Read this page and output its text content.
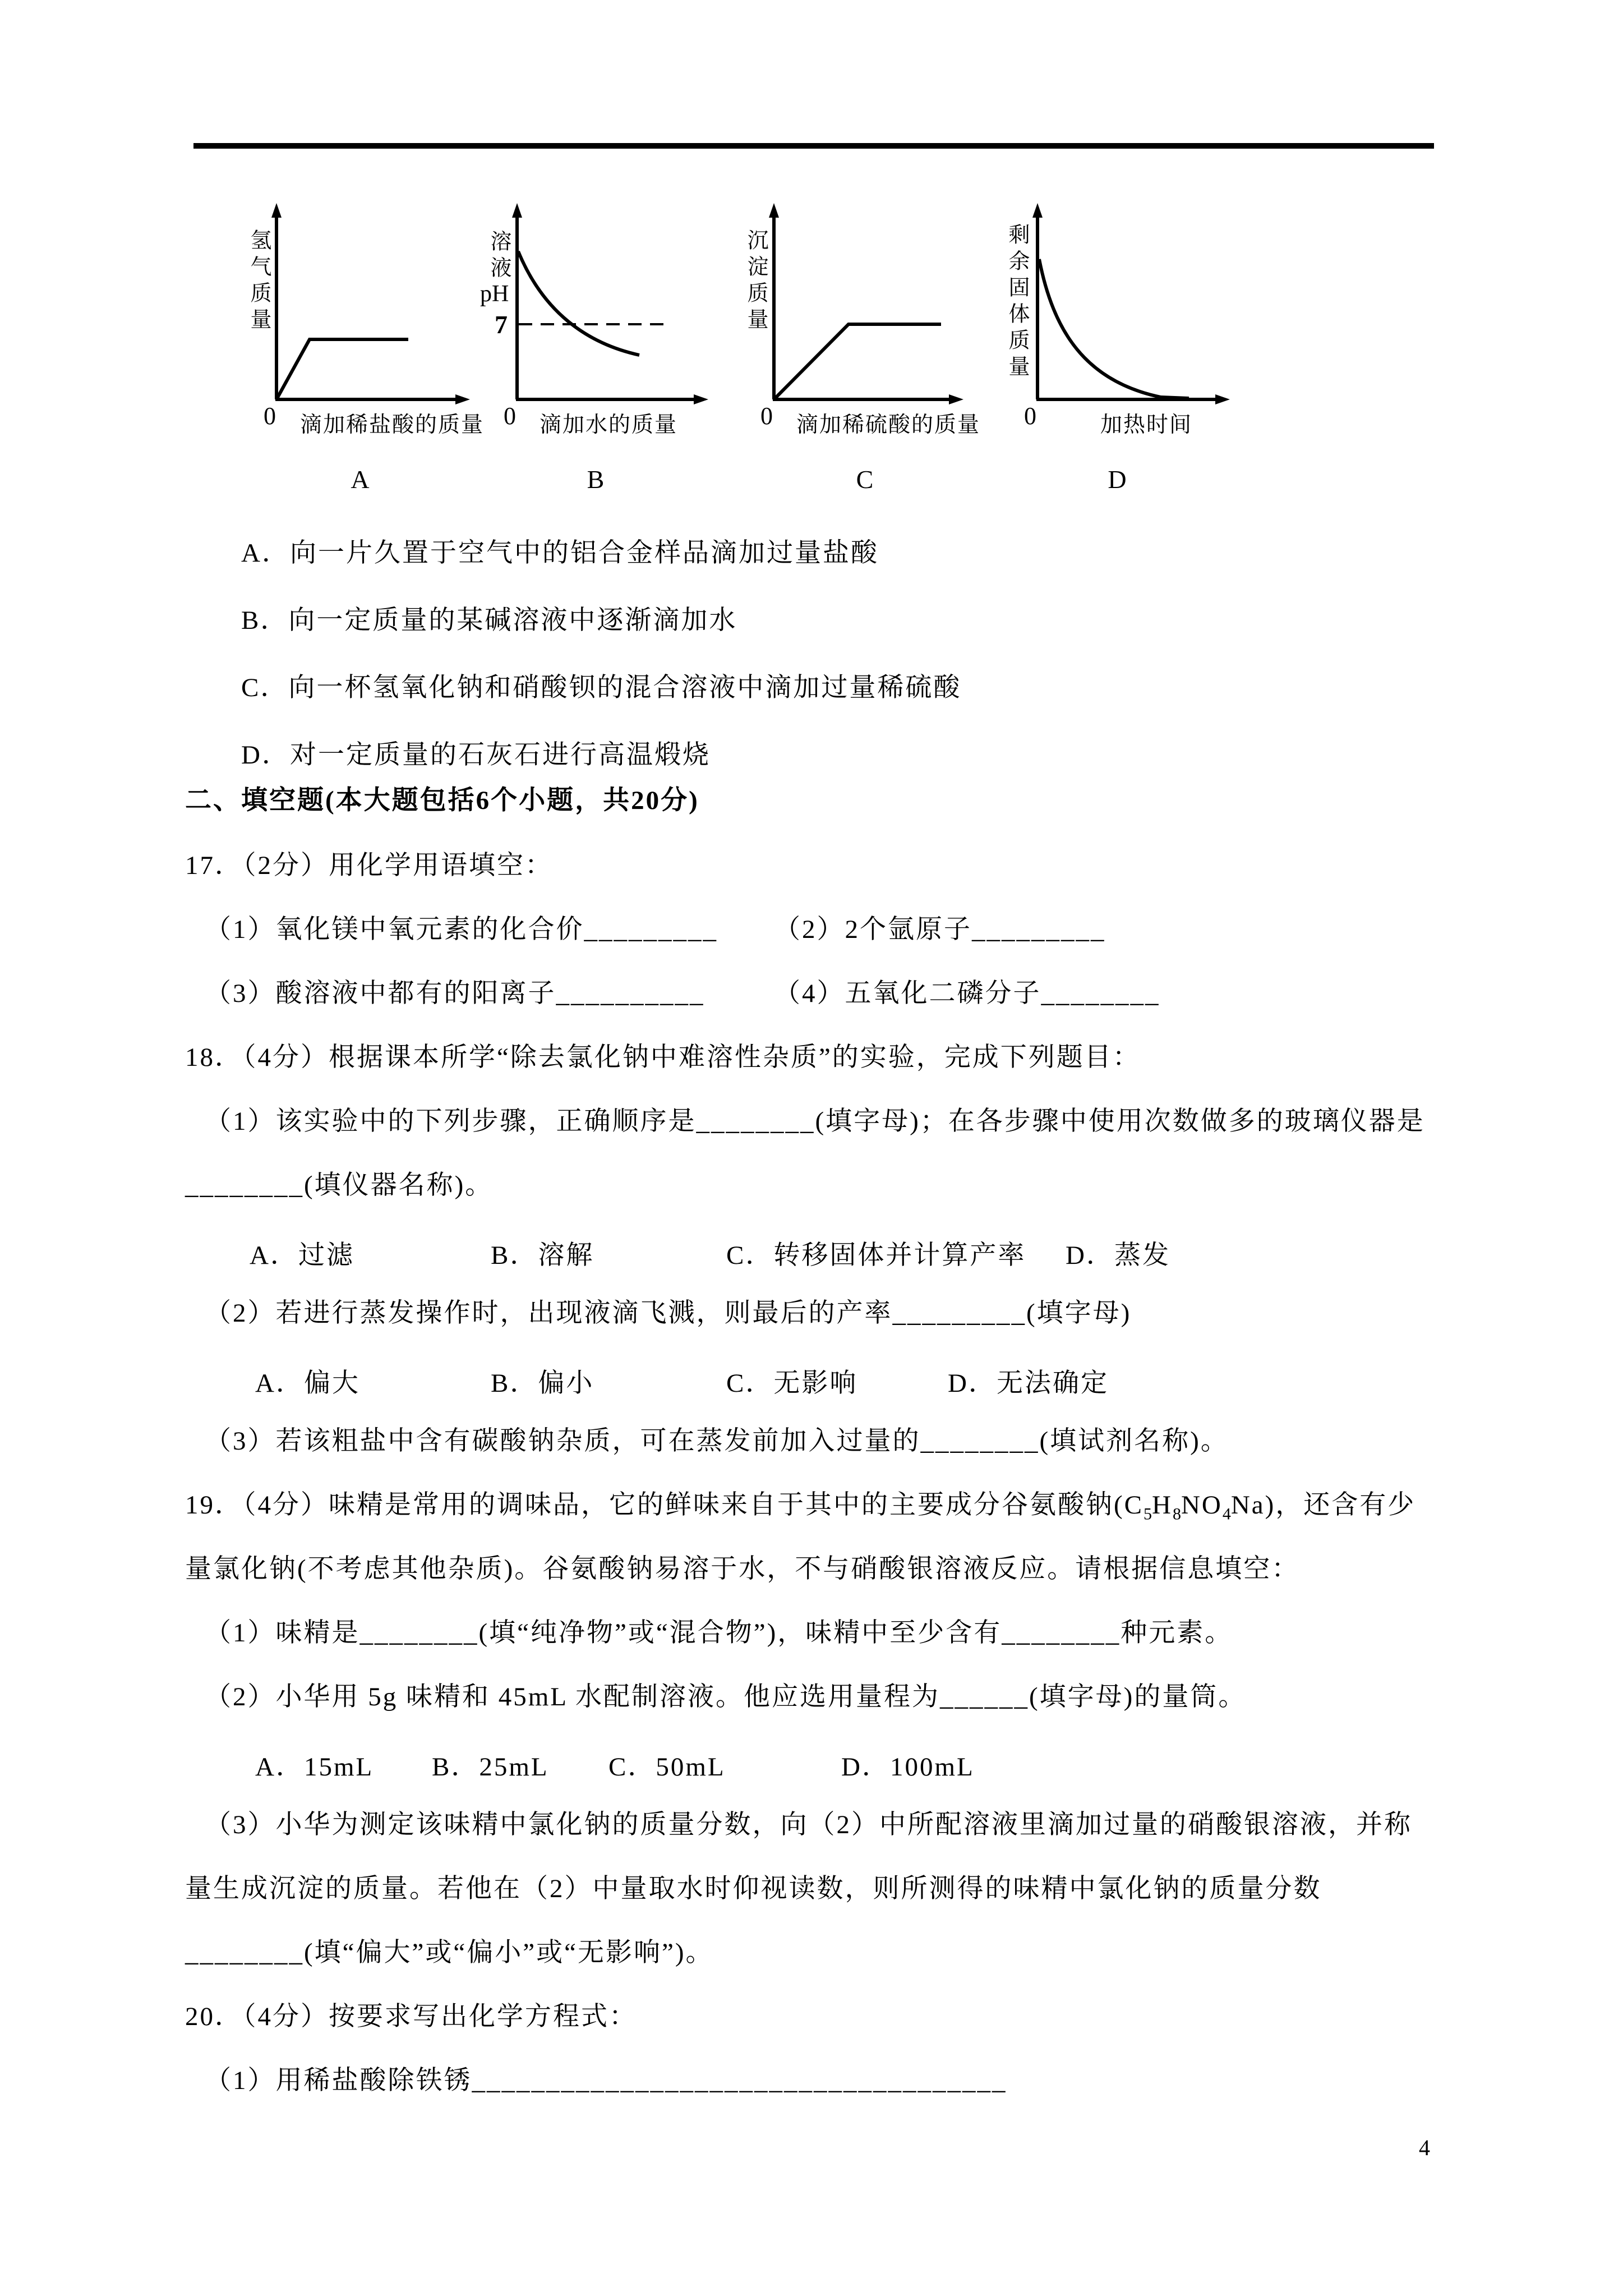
氢气质量
0 滴加稀盐酸的质量
溶液
pH
7
0 滴加水的质量
沉淀质量
0 滴加稀硫酸的质量
剩余固体质量
0	加热时间
A	B	C	D
A．向一片久置于空气中的铝合金样品滴加过量盐酸
B．向一定质量的某碱溶液中逐渐滴加水
C．向一杯氢氧化钠和硝酸钡的混合溶液中滴加过量稀硫酸
D．对一定质量的石灰石进行高温煅烧
二、填空题(本大题包括6个小题，共20分)
17．（2分）用化学用语填空：
（1）氧化镁中氧元素的化合价_________ （2）2个氩原子_________
（3）酸溶液中都有的阳离子__________	（4）五氧化二磷分子________
18．（4分）根据课本所学“除去氯化钠中难溶性杂质”的实验，完成下列题目：
（1）该实验中的下列步骤，正确顺序是________(填字母)；在各步骤中使用次数做多的玻璃仪器是
________(填仪器名称)。
A．过滤	B．溶解	C．转移固体并计算产率 D．蒸发
（2）若进行蒸发操作时，出现液滴飞溅，则最后的产率_________(填字母)
A．偏大	B．偏小	C．无影响	D．无法确定
（3）若该粗盐中含有碳酸钠杂质，可在蒸发前加入过量的________(填试剂名称)。
19．（4分）味精是常用的调味品，它的鲜味来自于其中的主要成分谷氨酸钠$(C_5H_8NO_4Na)$，还含有少
量氯化钠(不考虑其他杂质)。谷氨酸钠易溶于水，不与硝酸银溶液反应。请根据信息填空：
（1）味精是________(填“纯净物”或“混合物”)，味精中至少含有________种元素。
（2）小华用 5g 味精和 45mL 水配制溶液。他应选用量程为______(填字母)的量筒。
A．15mL B．25mL C．50mL	D．100mL
（3）小华为测定该味精中氯化钠的质量分数，向（2）中所配溶液里滴加过量的硝酸银溶液，并称
量生成沉淀的质量。若他在（2）中量取水时仰视读数，则所测得的味精中氯化钠的质量分数
________(填“偏大”或“偏小”或“无影响”)。
20．（4分）按要求写出化学方程式：
（1）用稀盐酸除铁锈____________________________________
4
